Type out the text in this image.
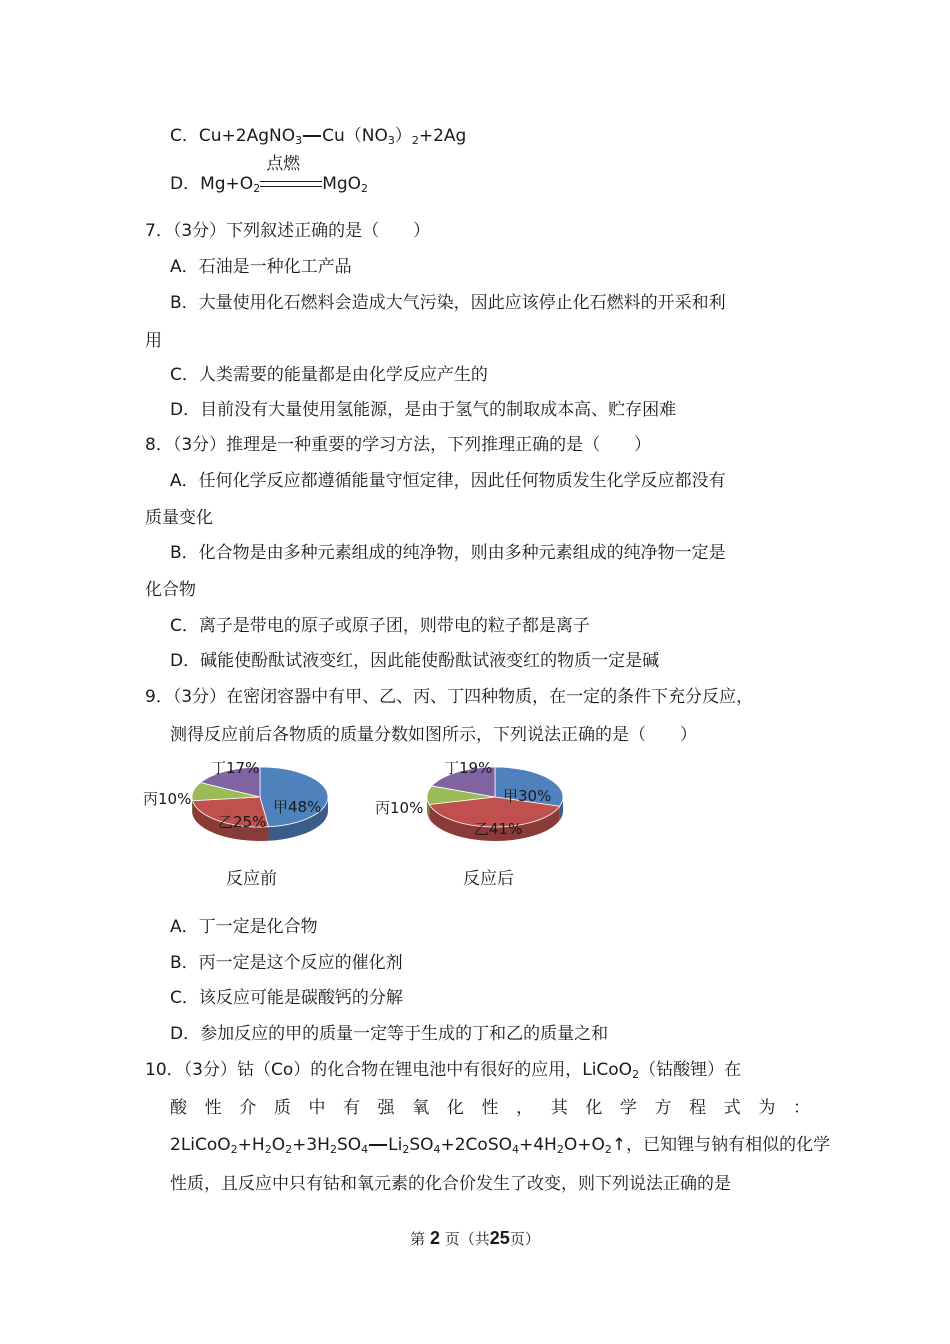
C．Cu+2AgNO$_3$ $Cu(NO_3)_2+2Ag$
D．$Mg+O_2$
点燃
MgO$_2$
7．（3分）下列叙述正确的是（　　）
A．石油是一种化工产品
B．大量使用化石燃料会造成大气污染，因此应该停止化石燃料的开采和利
用
C．人类需要的能量都是由化学反应产生的
D．目前没有大量使用氢能源，是由于氢气的制取成本高、贮存困难
8．（3分）推理是一种重要的学习方法，下列推理正确的是（　　）
A．任何化学反应都遵循能量守恒定律，因此任何物质发生化学反应都没有
质量变化
B．化合物是由多种元素组成的纯净物，则由多种元素组成的纯净物一定是
化合物
C．离子是带电的原子或原子团，则带电的粒子都是离子
D．碱能使酚酞试液变红，因此能使酚酞试液变红的物质一定是碱
9．（3分）在密闭容器中有甲、乙、丙、丁四种物质，在一定的条件下充分反应，
测得反应前后各物质的质量分数如图所示，下列说法正确的是（　　）
丁17%
丙10%	甲48%
乙25%
反应前
丁19%
丙10%
甲30%
乙41%
反应后
A．丁一定是化合物
B．丙一定是这个反应的催化剂
C．该反应可能是碳酸钙的分解
D．参加反应的甲的质量一定等于生成的丁和乙的质量之和
10．（3分）钴（Co）的化合物在锂电池中有很好的应用，LiCoO$_2$（钴酸锂）在
酸 性 介 质 中 有 强 氧 化 性 ， 其 化 学 方 程 式 为 ：
$2LiCoO_2+H_2O_2+3H_2SO_4$ $Li_2SO_4+2CoSO_4+4H_2O+O_2↑$，已知锂与钠有相似的化学
性质，且反应中只有钴和氧元素的化合价发生了改变，则下列说法正确的是
第 2 页（共25页）
